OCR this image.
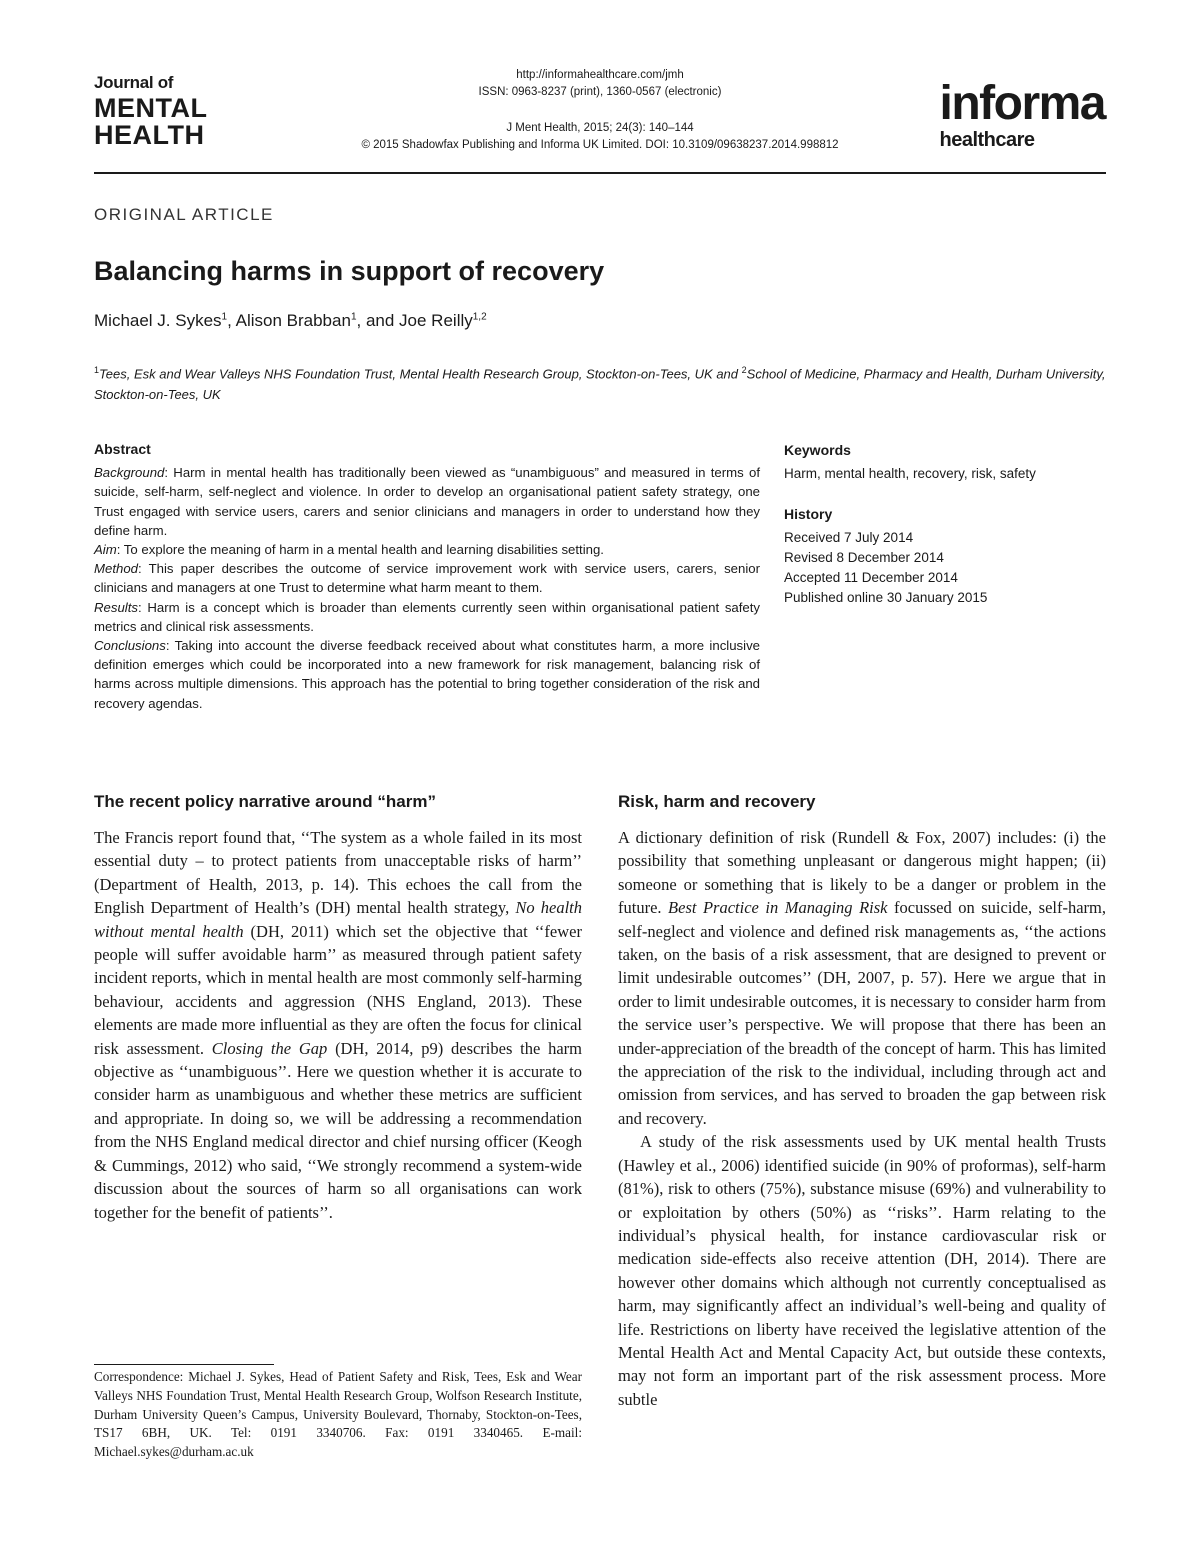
Journal of
MENTAL
HEALTH
http://informahealthcare.com/jmh
ISSN: 0963-8237 (print), 1360-0567 (electronic)
J Ment Health, 2015; 24(3): 140–144
© 2015 Shadowfax Publishing and Informa UK Limited. DOI: 10.3109/09638237.2014.998812
informa
healthcare
ORIGINAL ARTICLE
Balancing harms in support of recovery
Michael J. Sykes$^1$, Alison Brabban$^1$, and Joe Reilly$^{1,2}$
$^1$Tees, Esk and Wear Valleys NHS Foundation Trust, Mental Health Research Group, Stockton-on-Tees, UK and $^2$School of Medicine, Pharmacy and Health, Durham University, Stockton-on-Tees, UK
Abstract

Background: Harm in mental health has traditionally been viewed as “unambiguous” and measured in terms of suicide, self-harm, self-neglect and violence. In order to develop an organisational patient safety strategy, one Trust engaged with service users, carers and senior clinicians and managers in order to understand how they define harm.

Aim: To explore the meaning of harm in a mental health and learning disabilities setting.

Method: This paper describes the outcome of service improvement work with service users, carers, senior clinicians and managers at one Trust to determine what harm meant to them.

Results: Harm is a concept which is broader than elements currently seen within organisational patient safety metrics and clinical risk assessments.

Conclusions: Taking into account the diverse feedback received about what constitutes harm, a more inclusive definition emerges which could be incorporated into a new framework for risk management, balancing risk of harms across multiple dimensions. This approach has the potential to bring together consideration of the risk and recovery agendas.

Keywords
Harm, mental health, recovery, risk, safety
History
Received 7 July 2014
Revised 8 December 2014
Accepted 11 December 2014
Published online 30 January 2015
The recent policy narrative around “harm”	Risk, harm and recovery

The Francis report found that, ‘‘The system as a whole failed in its most essential duty – to protect patients from unacceptable risks of harm’’ (Department of Health, 2013, p. 14). This echoes the call from the English Department of Health’s (DH) mental health strategy, No health without mental health (DH, 2011) which set the objective that ‘‘fewer people will suffer avoidable harm’’ as measured through patient safety incident reports, which in mental health are most commonly self-harming behaviour, accidents and aggression (NHS England, 2013). These elements are made more influential as they are often the focus for clinical risk assessment. Closing the Gap (DH, 2014, p9) describes the harm objective as ‘‘unambiguous’’. Here we question whether it is accurate to consider harm as unambiguous and whether these metrics are sufficient and appropriate. In doing so, we will be addressing a recommendation from the NHS England medical director and chief nursing officer (Keogh & Cummings, 2012) who said, ‘‘We strongly recommend a system-wide discussion about the sources of harm so all organisations can work together for the benefit of patients’’.

Correspondence: Michael J. Sykes, Head of Patient Safety and Risk, Tees, Esk and Wear Valleys NHS Foundation Trust, Mental Health Research Group, Wolfson Research Institute, Durham University Queen’s Campus, University Boulevard, Thornaby, Stockton-on-Tees, TS17 6BH, UK. Tel: 0191 3340706. Fax: 0191 3340465. E-mail: Michael.sykes@durham.ac.uk

A dictionary definition of risk (Rundell & Fox, 2007) includes: (i) the possibility that something unpleasant or dangerous might happen; (ii) someone or something that is likely to be a danger or problem in the future. Best Practice in Managing Risk focussed on suicide, self-harm, self-neglect and violence and defined risk managements as, ‘‘the actions taken, on the basis of a risk assessment, that are designed to prevent or limit undesirable outcomes’’ (DH, 2007, p. 57). Here we argue that in order to limit undesirable outcomes, it is necessary to consider harm from the service user’s perspective. We will propose that there has been an under-appreciation of the breadth of the concept of harm. This has limited the appreciation of the risk to the individual, including through act and omission from services, and has served to broaden the gap between risk and recovery.

A study of the risk assessments used by UK mental health Trusts (Hawley et al., 2006) identified suicide (in 90% of proformas), self-harm (81%), risk to others (75%), substance misuse (69%) and vulnerability to or exploitation by others (50%) as ‘‘risks’’. Harm relating to the individual’s physical health, for instance cardiovascular risk or medication side-effects also receive attention (DH, 2014). There are however other domains which although not currently conceptualised as harm, may significantly affect an individual’s well-being and quality of life. Restrictions on liberty have received the legislative attention of the Mental Health Act and Mental Capacity Act, but outside these contexts, may not form an important part of the risk assessment process. More subtle
